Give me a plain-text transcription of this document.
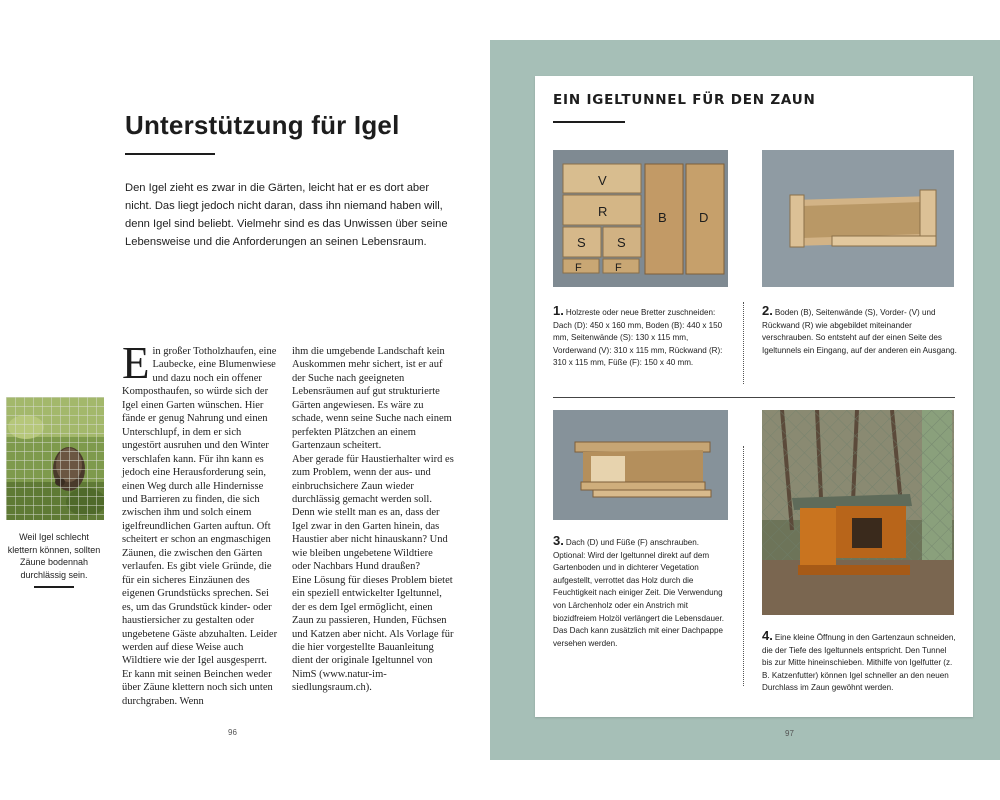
Unterstützung für Igel

Den Igel zieht es zwar in die Gärten, leicht hat er es dort aber nicht. Das liegt jedoch nicht daran, dass ihn niemand haben will, denn Igel sind beliebt. Vielmehr sind es das Unwissen über seine Lebensweise und die Anforderungen an seinen Lebensraum.

Weil Igel schlecht klettern können, sollten Zäune bodennah durchlässig sein.

E in großer Totholzhaufen, eine Laubecke, eine Blumenwiese und dazu noch ein offener Komposthaufen, so würde sich der Igel einen Garten wünschen. Hier fände er genug Nahrung und einen Unterschlupf, in dem er sich ungestört ausruhen und den Winter verschlafen kann. Für ihn kann es jedoch eine Herausforderung sein, einen Weg durch alle Hindernisse und Barrieren zu finden, die sich zwischen ihm und solch einem igelfreundlichen Garten auftun. Oft scheitert er schon an engmaschigen Zäunen, die zwischen den Gärten verlaufen. Es gibt viele Gründe, die für ein sicheres Einzäunen des eigenen Grundstücks sprechen. Sei es, um das Grundstück kinder- oder haustiersicher zu gestalten oder ungebetene Gäste abzuhalten. Leider werden auf diese Weise auch Wildtiere wie der Igel ausgesperrt. Er kann mit seinen Beinchen weder über Zäune klettern noch sich unten durchgraben. Wenn

ihm die umgebende Landschaft kein Auskommen mehr sichert, ist er auf der Suche nach geeigneten Lebensräumen auf gut strukturierte Gärten angewiesen. Es wäre zu schade, wenn seine Suche nach einem perfekten Plätzchen an einem Gartenzaun scheitert.

Aber gerade für Haustierhalter wird es zum Problem, wenn der aus- und einbruchsichere Zaun wieder durchlässig gemacht werden soll. Denn wie stellt man es an, dass der Igel zwar in den Garten hinein, das Haustier aber nicht hinauskann? Und wie bleiben ungebetene Wildtiere oder Nachbars Hund draußen?

Eine Lösung für dieses Problem bietet ein speziell entwickelter Igeltunnel, der es dem Igel ermöglicht, einen Zaun zu passieren, Hunden, Füchsen und Katzen aber nicht. Als Vorlage für die hier vorgestellte Bauanleitung dient der originale Igeltunnel von NimS (www.natur-im-siedlungsraum.ch).

96
EIN IGELTUNNEL FÜR DEN ZAUN
V
R	B D
S S
F	F

1. Holzreste oder neue Bretter zuschneiden: Dach (D): 450 x 160 mm, Boden (B): 440 x 150 mm, Seitenwände (S): 130 x 115 mm, Vorderwand (V): 310 x 115 mm, Rückwand (R): 310 x 115 mm, Füße (F): 150 x 40 mm.

2. Boden (B), Seitenwände (S), Vorder- (V) und Rückwand (R) wie abgebildet miteinander verschrauben. So entsteht auf der einen Seite des Igeltunnels ein Eingang, auf der anderen ein Ausgang.

3. Dach (D) und Füße (F) anschrauben. Optional: Wird der Igeltunnel direkt auf dem Gartenboden und in dichterer Vegetation aufgestellt, verrottet das Holz durch die Feuchtigkeit nach einiger Zeit. Die Verwendung von Lärchenholz oder ein Anstrich mit biozidfreiem Holzöl verlängert die Lebensdauer. Das Dach kann zusätzlich mit einer Dachpappe versehen werden.

4. Eine kleine Öffnung in den Gartenzaun schneiden, die der Tiefe des Igeltunnels entspricht. Den Tunnel bis zur Mitte hineinschieben. Mithilfe von Igelfutter (z. B. Katzenfutter) können Igel schneller an den neuen Durchlass im Zaun gewöhnt werden.

97
